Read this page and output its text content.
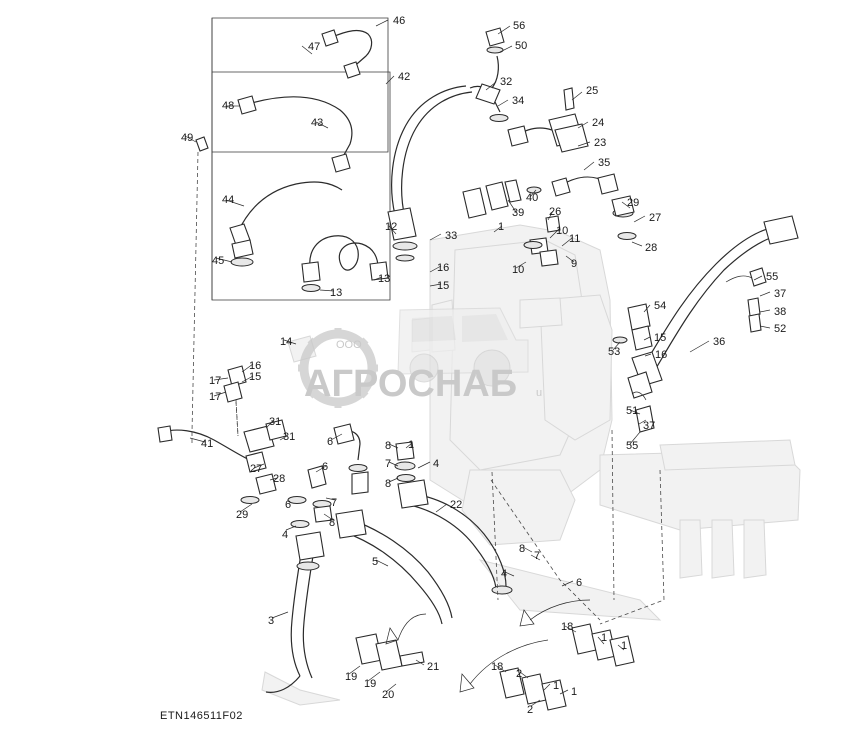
ООО
АГРОСНАБ u
46	56
47	50
42	32
25
48	34
24
43
23
49
35
44	40	29
39 26	27
12	1
33	10
11
28
45	9
10
16
13
15
55
13	37
38
54
15
52
14
53	16
36
16
15
17
17
51
37
31
55
31	6	8 1
41
7	4
27	6
28	8
6	7	22
29
8
8
4
7
5
4
6
3	18
1
1
19
19
21	18
2
1 1
20
2
ETN146511F02
